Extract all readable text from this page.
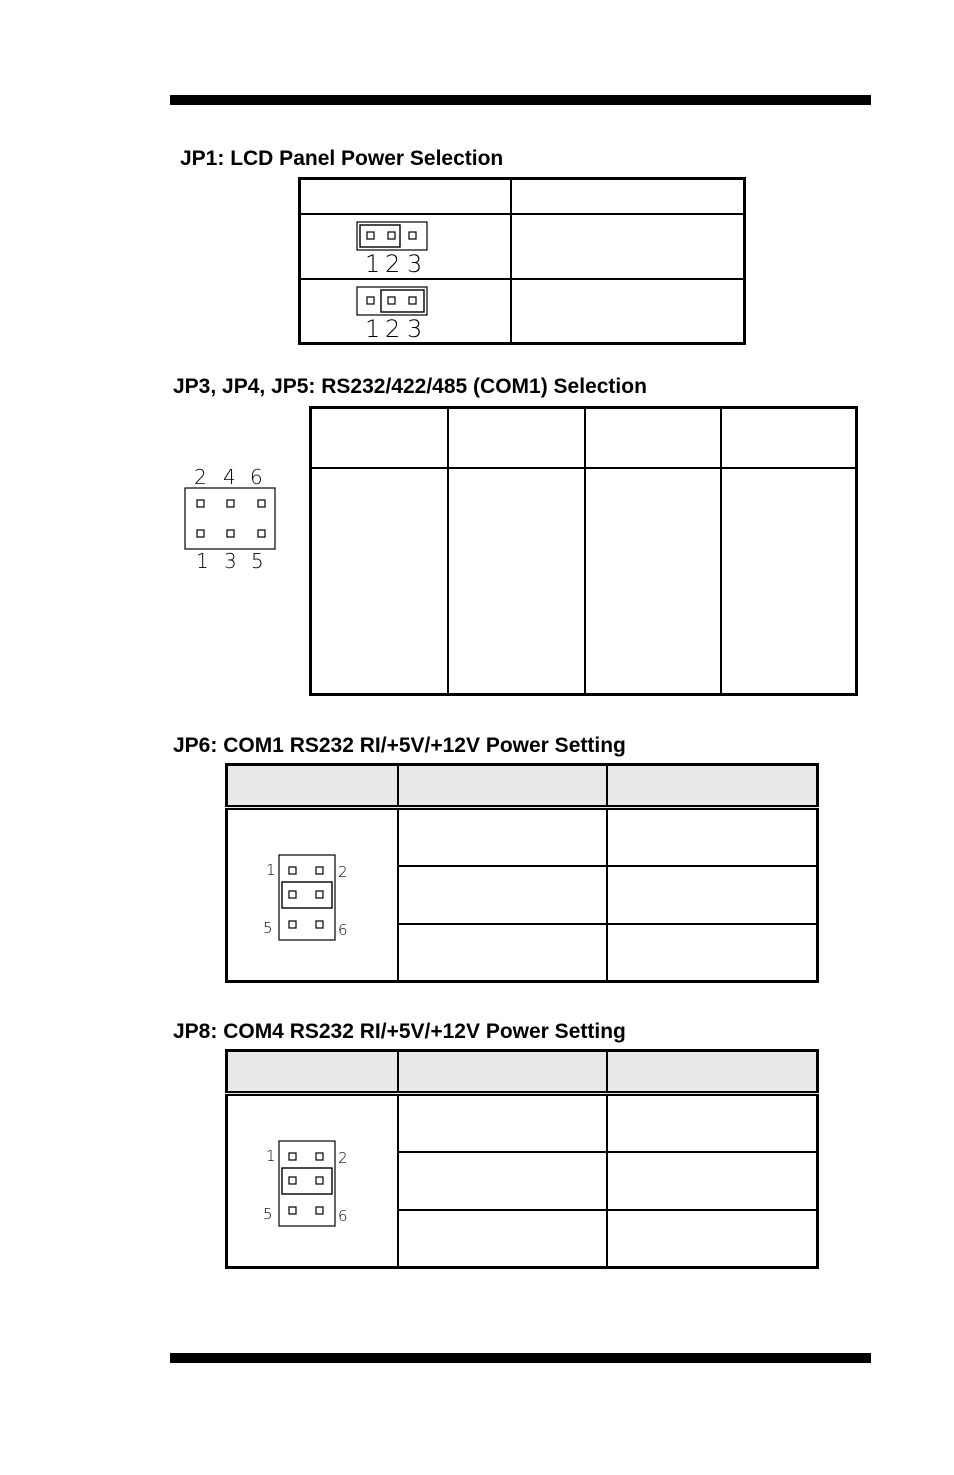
JP1: LCD Panel Power Selection

1 2 3	

1 2 3	

JP3, JP4, JP5: RS232/422/485 (COM1) Selection
2 4 6
1 3 5

JP6: COM1 RS232 RI/+5V/+12V Power Setting

1 2
5 6		

JP8: COM4 RS232 RI/+5V/+12V Power Setting

1 2
5 6		
